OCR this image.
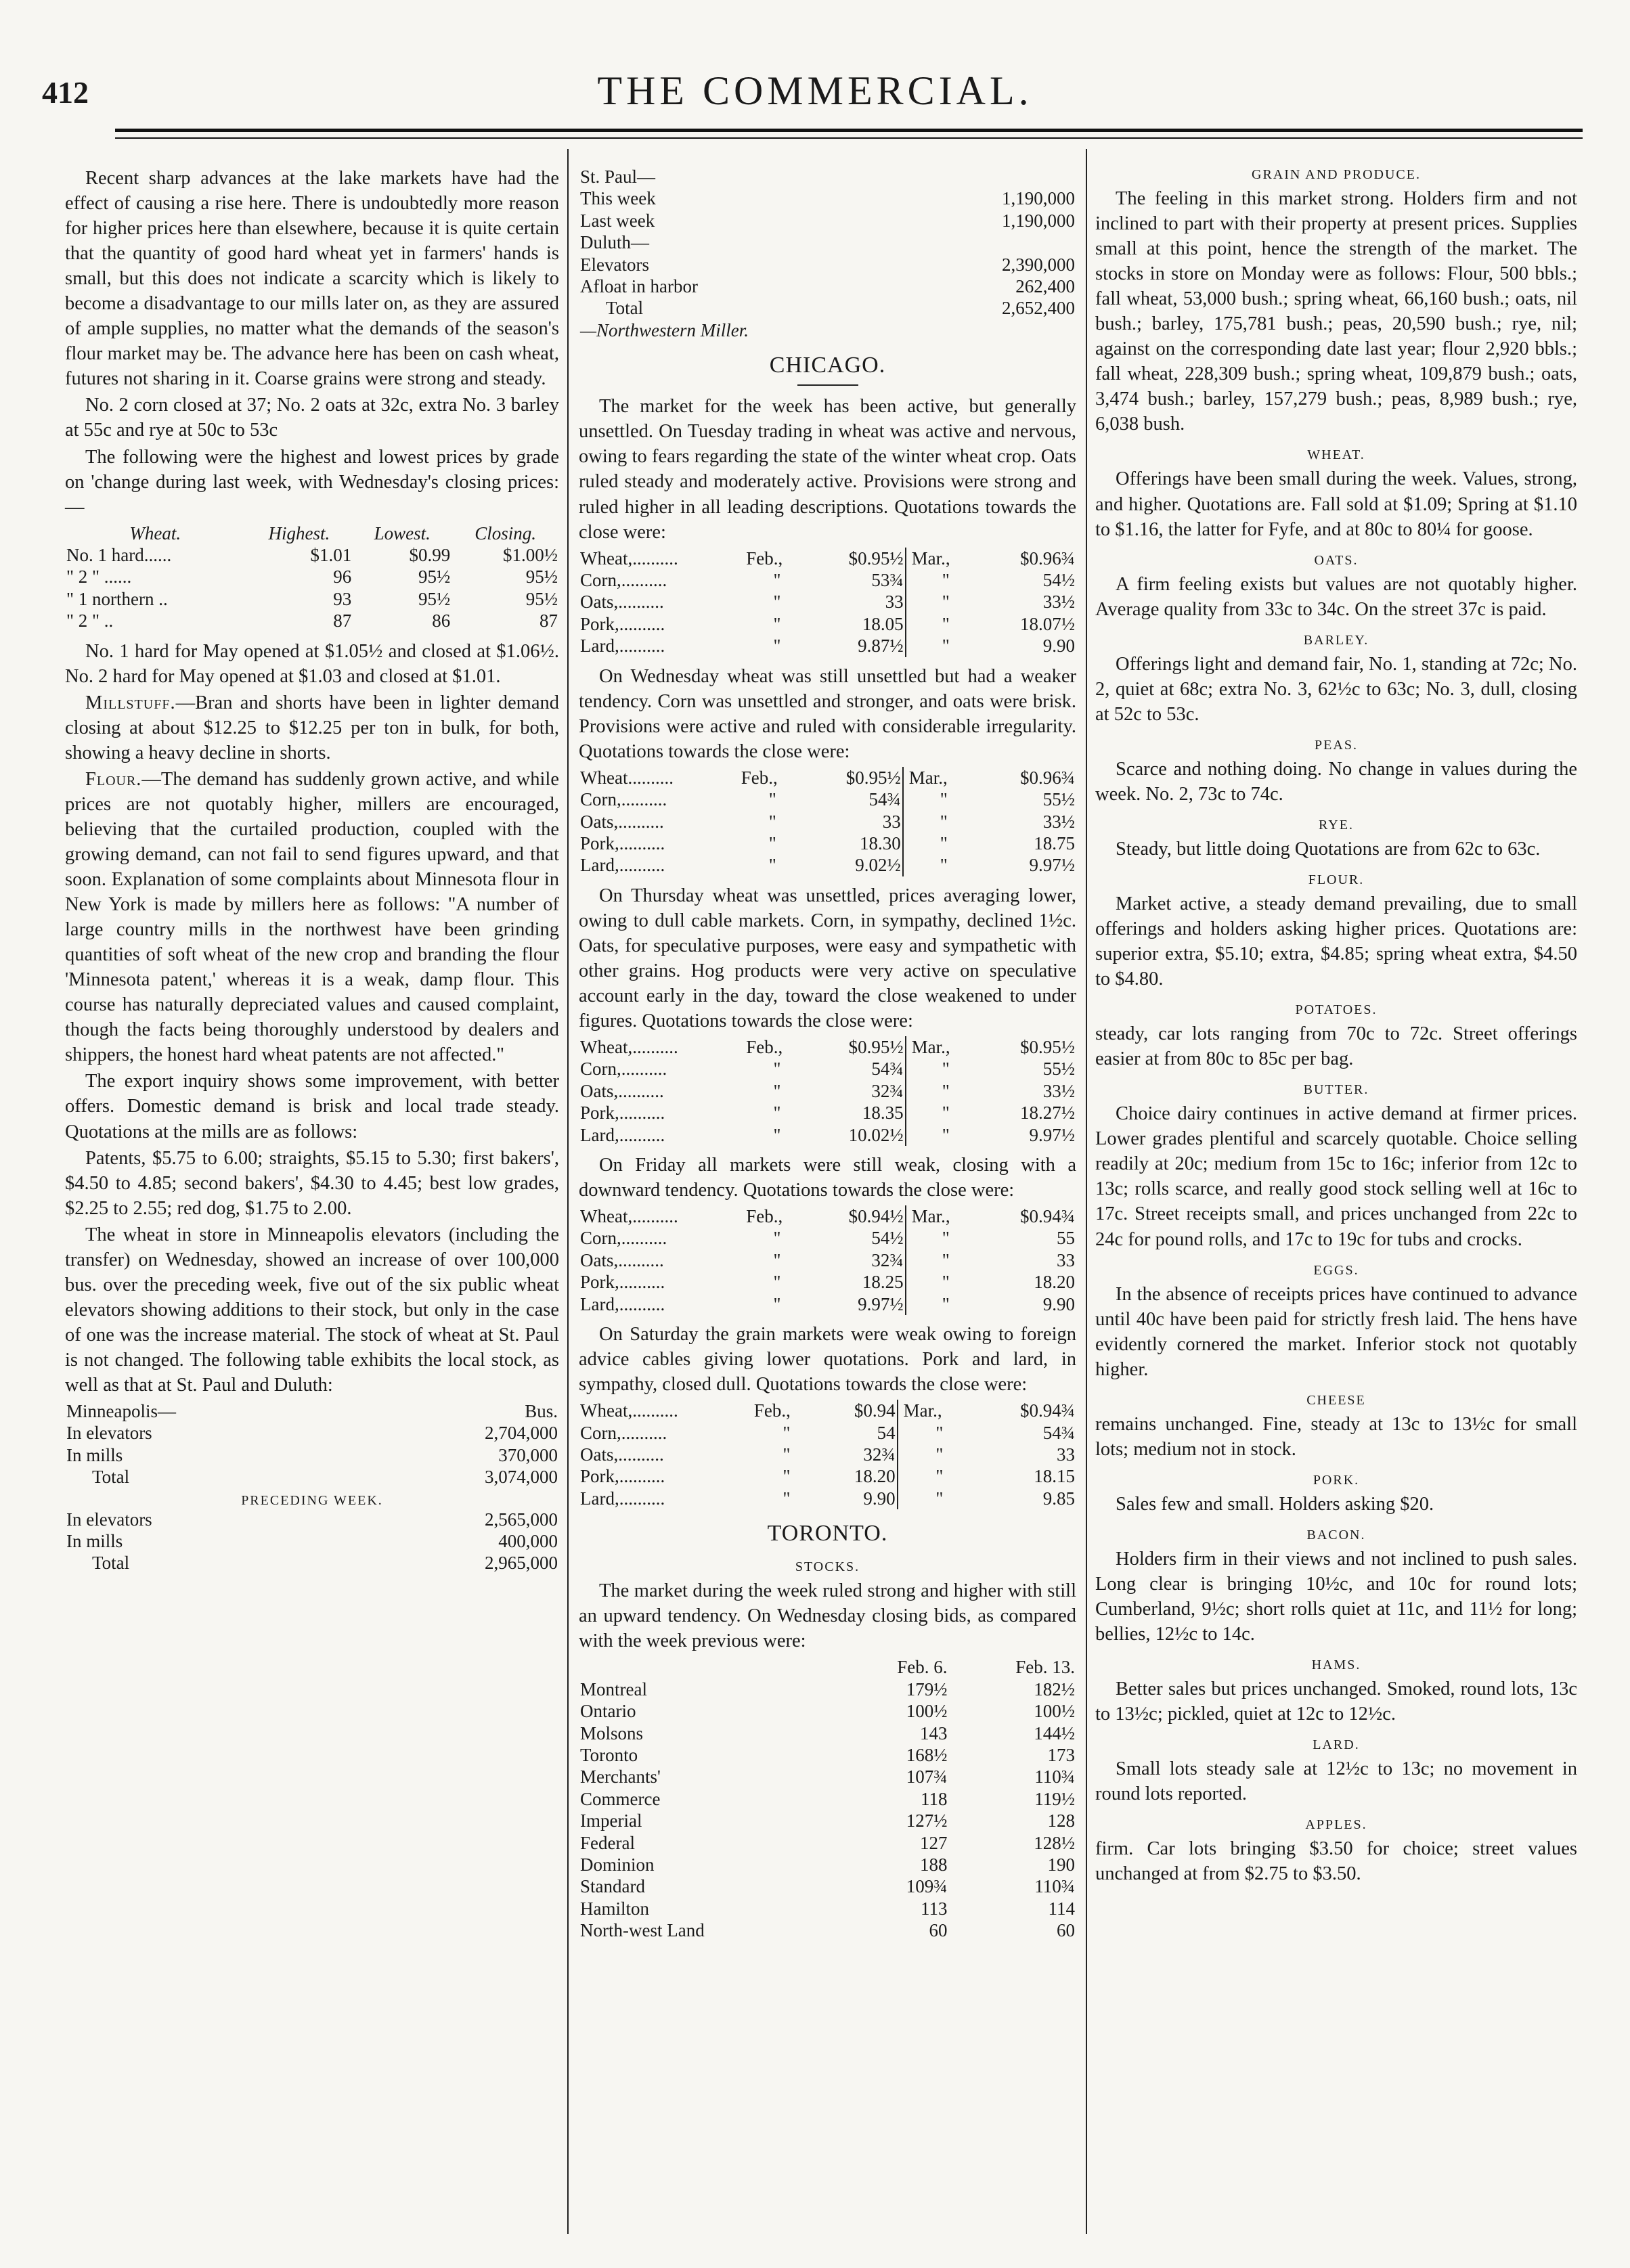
412	THE COMMERCIAL.

Recent sharp advances at the lake markets have had the effect of causing a rise here. There is undoubtedly more reason for higher prices here than elsewhere, because it is quite certain that the quantity of good hard wheat yet in farmers' hands is small, but this does not indicate a scarcity which is likely to become a disadvantage to our mills later on, as they are assured of ample supplies, no matter what the demands of the season's flour market may be. The advance here has been on cash wheat, futures not sharing in it. Coarse grains were strong and steady.

No. 2 corn closed at 37; No. 2 oats at 32c, extra No. 3 barley at 55c and rye at 50c to 53c

The following were the highest and lowest prices by grade on 'change during last week, with Wednesday's closing prices:—

Wheat.	Highest.	Lowest.	Closing.
No. 1 hard......	$1.01	$0.99	$1.00½
" 2 " ......	96	95½	95½
" 1 northern ..	93	95½	95½
" 2 " ..	87	86	87

No. 1 hard for May opened at $1.05½ and closed at $1.06½. No. 2 hard for May opened at $1.03 and closed at $1.01.

Millstuff.—Bran and shorts have been in lighter demand closing at about $12.25 to $12.25 per ton in bulk, for both, showing a heavy decline in shorts.

Flour.—The demand has suddenly grown active, and while prices are not quotably higher, millers are encouraged, believing that the curtailed production, coupled with the growing demand, can not fail to send figures upward, and that soon. Explanation of some complaints about Minnesota flour in New York is made by millers here as follows: "A number of large country mills in the northwest have been grinding quantities of soft wheat of the new crop and branding the flour 'Minnesota patent,' whereas it is a weak, damp flour. This course has naturally depreciated values and caused complaint, though the facts being thoroughly understood by dealers and shippers, the honest hard wheat patents are not affected."

The export inquiry shows some improvement, with better offers. Domestic demand is brisk and local trade steady. Quotations at the mills are as follows:

Patents, $5.75 to 6.00; straights, $5.15 to 5.30; first bakers', $4.50 to 4.85; second bakers', $4.30 to 4.45; best low grades, $2.25 to 2.55; red dog, $1.75 to 2.00.

The wheat in store in Minneapolis elevators (including the transfer) on Wednesday, showed an increase of over 100,000 bus. over the preceding week, five out of the six public wheat elevators showing additions to their stock, but only in the case of one was the increase material. The stock of wheat at St. Paul is not changed. The following table exhibits the local stock, as well as that at St. Paul and Duluth:

Minneapolis—	Bus.
In elevators	2,704,000
In mills	370,000
Total	3,074,000
PRECEDING WEEK.	
In elevators	2,565,000
In mills	400,000
Total	2,965,000
St. Paul—	
This week	1,190,000
Last week	1,190,000
Duluth—	
Elevators	2,390,000
Afloat in harbor	262,400
Total	2,652,400
—Northwestern Miller.	
CHICAGO.

The market for the week has been active, but generally unsettled. On Tuesday trading in wheat was active and nervous, owing to fears regarding the state of the winter wheat crop. Oats ruled steady and moderately active. Provisions were strong and ruled higher in all leading descriptions. Quotations towards the close were:

Wheat,..........	Feb.,	$0.95½	Mar.,	$0.96¾
Corn,..........	"	53¾	"	54½
Oats,..........	"	33	"	33½
Pork,..........	"	18.05	"	18.07½
Lard,..........	"	9.87½	"	9.90

On Wednesday wheat was still unsettled but had a weaker tendency. Corn was unsettled and stronger, and oats were brisk. Provisions were active and ruled with considerable irregularity. Quotations towards the close were:

Wheat..........	Feb.,	$0.95½	Mar.,	$0.96¾
Corn,..........	"	54¾	"	55½
Oats,..........	"	33	"	33½
Pork,..........	"	18.30	"	18.75
Lard,..........	"	9.02½	"	9.97½

On Thursday wheat was unsettled, prices averaging lower, owing to dull cable markets. Corn, in sympathy, declined 1½c. Oats, for speculative purposes, were easy and sympathetic with other grains. Hog products were very active on speculative account early in the day, toward the close weakened to under figures. Quotations towards the close were:

Wheat,..........	Feb.,	$0.95½	Mar.,	$0.95½
Corn,..........	"	54¾	"	55½
Oats,..........	"	32¾	"	33½
Pork,..........	"	18.35	"	18.27½
Lard,..........	"	10.02½	"	9.97½

On Friday all markets were still weak, closing with a downward tendency. Quotations towards the close were:

Wheat,..........	Feb.,	$0.94½	Mar.,	$0.94¾
Corn,..........	"	54½	"	55
Oats,..........	"	32¾	"	33
Pork,..........	"	18.25	"	18.20
Lard,..........	"	9.97½	"	9.90

On Saturday the grain markets were weak owing to foreign advice cables giving lower quotations. Pork and lard, in sympathy, closed dull. Quotations towards the close were:

Wheat,..........	Feb.,	$0.94	Mar.,	$0.94¾
Corn,..........	"	54	"	54¾
Oats,..........	"	32¾	"	33
Pork,..........	"	18.20	"	18.15
Lard,..........	"	9.90	"	9.85
TORONTO.
STOCKS.

The market during the week ruled strong and higher with still an upward tendency. On Wednesday closing bids, as compared with the week previous were:

	Feb. 6.	Feb. 13.
Montreal	179½	182½
Ontario	100½	100½
Molsons	143	144½
Toronto	168½	173
Merchants'	107¾	110¾
Commerce	118	119½
Imperial	127½	128
Federal	127	128½
Dominion	188	190
Standard	109¾	110¾
Hamilton	113	114
North-west Land	60	60
GRAIN AND PRODUCE.

The feeling in this market strong. Holders firm and not inclined to part with their property at present prices. Supplies small at this point, hence the strength of the market. The stocks in store on Monday were as follows: Flour, 500 bbls.; fall wheat, 53,000 bush.; spring wheat, 66,160 bush.; oats, nil bush.; barley, 175,781 bush.; peas, 20,590 bush.; rye, nil; against on the corresponding date last year; flour 2,920 bbls.; fall wheat, 228,309 bush.; spring wheat, 109,879 bush.; oats, 3,474 bush.; barley, 157,279 bush.; peas, 8,989 bush.; rye, 6,038 bush.

WHEAT.

Offerings have been small during the week. Values, strong, and higher. Quotations are. Fall sold at $1.09; Spring at $1.10 to $1.16, the latter for Fyfe, and at 80c to 80¼ for goose.

OATS.

A firm feeling exists but values are not quotably higher. Average quality from 33c to 34c. On the street 37c is paid.

BARLEY.

Offerings light and demand fair, No. 1, standing at 72c; No. 2, quiet at 68c; extra No. 3, 62½c to 63c; No. 3, dull, closing at 52c to 53c.

PEAS.

Scarce and nothing doing. No change in values during the week. No. 2, 73c to 74c.

RYE.

Steady, but little doing Quotations are from 62c to 63c.

FLOUR.

Market active, a steady demand prevailing, due to small offerings and holders asking higher prices. Quotations are: superior extra, $5.10; extra, $4.85; spring wheat extra, $4.50 to $4.80.

POTATOES.

steady, car lots ranging from 70c to 72c. Street offerings easier at from 80c to 85c per bag.

BUTTER.

Choice dairy continues in active demand at firmer prices. Lower grades plentiful and scarcely quotable. Choice selling readily at 20c; medium from 15c to 16c; inferior from 12c to 13c; rolls scarce, and really good stock selling well at 16c to 17c. Street receipts small, and prices unchanged from 22c to 24c for pound rolls, and 17c to 19c for tubs and crocks.

EGGS.

In the absence of receipts prices have continued to advance until 40c have been paid for strictly fresh laid. The hens have evidently cornered the market. Inferior stock not quotably higher.

CHEESE

remains unchanged. Fine, steady at 13c to 13½c for small lots; medium not in stock.

PORK.

Sales few and small. Holders asking $20.

BACON.

Holders firm in their views and not inclined to push sales. Long clear is bringing 10½c, and 10c for round lots; Cumberland, 9½c; short rolls quiet at 11c, and 11½ for long; bellies, 12½c to 14c.

HAMS.

Better sales but prices unchanged. Smoked, round lots, 13c to 13½c; pickled, quiet at 12c to 12½c.

LARD.

Small lots steady sale at 12½c to 13c; no movement in round lots reported.

APPLES.

firm. Car lots bringing $3.50 for choice; street values unchanged at from $2.75 to $3.50.
